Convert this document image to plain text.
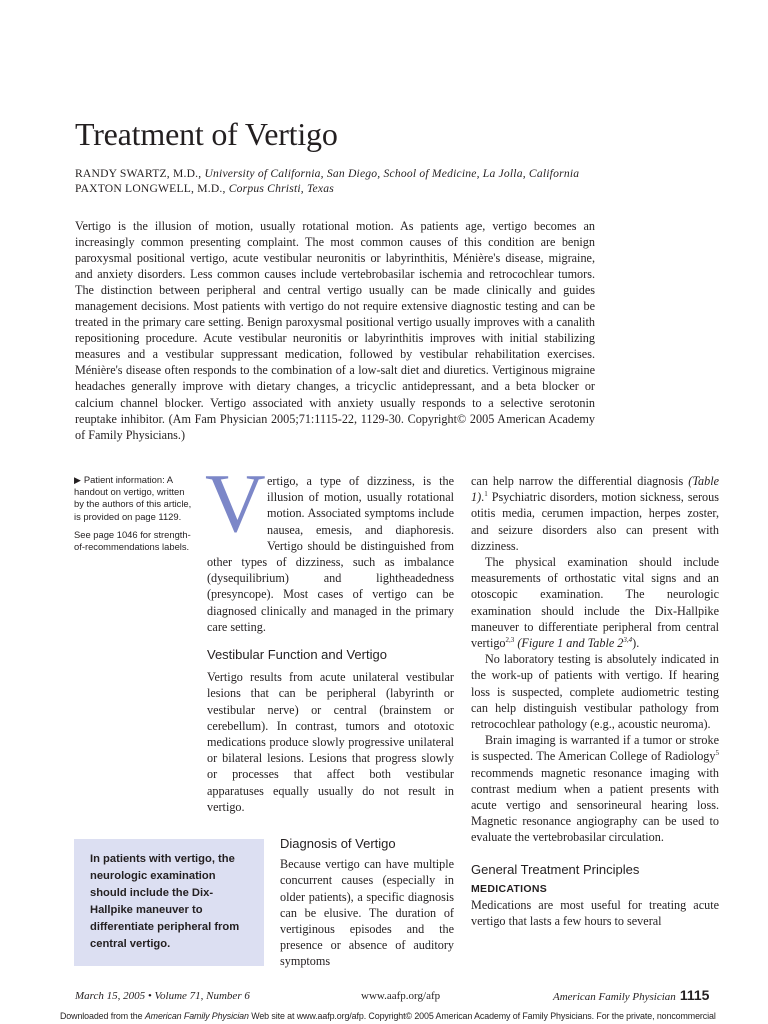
Treatment of Vertigo
RANDY SWARTZ, M.D., University of California, San Diego, School of Medicine, La Jolla, California
PAXTON LONGWELL, M.D., Corpus Christi, Texas
Vertigo is the illusion of motion, usually rotational motion. As patients age, vertigo becomes an increasingly common presenting complaint. The most common causes of this condition are benign paroxysmal positional vertigo, acute vestibular neuronitis or labyrinthitis, Ménière's disease, migraine, and anxiety disorders. Less common causes include vertebrobasilar ischemia and retrocochlear tumors. The distinction between peripheral and central vertigo usually can be made clinically and guides management decisions. Most patients with vertigo do not require extensive diagnostic testing and can be treated in the primary care setting. Benign paroxysmal positional vertigo usually improves with a canalith repositioning procedure. Acute vestibular neuronitis or labyrinthitis improves with initial stabilizing measures and a vestibular suppressant medication, followed by vestibular rehabilitation exercises. Ménière's disease often responds to the combination of a low-salt diet and diuretics. Vertiginous migraine headaches generally improve with dietary changes, a tricyclic antidepressant, and a beta blocker or calcium channel blocker. Vertigo associated with anxiety usually responds to a selective serotonin reuptake inhibitor. (Am Fam Physician 2005;71:1115-22, 1129-30. Copyright© 2005 American Academy of Family Physicians.)

▶ Patient information: A handout on vertigo, written by the authors of this article, is provided on page 1129.

See page 1046 for strength-of-recommendations labels.

ertigo, a type of dizziness, is the illusion of motion, usually rotational motion. Associated symptoms include nausea, emesis, and diaphoresis. Vertigo should be distinguished from other types of dizziness, such as imbalance (dysequilibrium) and lightheadedness (presyncope). Most cases of vertigo can be diagnosed clinically and managed in the primary care setting.

Vestibular Function and Vertigo

Vertigo results from acute unilateral vestibular lesions that can be peripheral (labyrinth or vestibular nerve) or central (brainstem or cerebellum). In contrast, tumors and ototoxic medications produce slowly progressive unilateral or bilateral lesions. Lesions that progress slowly or processes that affect both vestibular apparatuses equally usually do not result in vertigo.

V
In patients with vertigo, the neurologic examination should include the Dix-Hallpike maneuver to differentiate peripheral from central vertigo.
Diagnosis of Vertigo

Because vertigo can have multiple concurrent causes (especially in older patients), a specific diagnosis can be elusive. The duration of vertiginous episodes and the presence or absence of auditory symptoms

can help narrow the differential diagnosis (Table 1).$^1$ Psychiatric disorders, motion sickness, serous otitis media, cerumen impaction, herpes zoster, and seizure disorders also can present with dizziness.

The physical examination should include measurements of orthostatic vital signs and an otoscopic examination. The neurologic examination should include the Dix-Hallpike maneuver to differentiate peripheral from central vertigo$^{2,3}$ (Figure 1 and Table 2$^{3,4}$).

No laboratory testing is absolutely indicated in the work-up of patients with vertigo. If hearing loss is suspected, complete audiometric testing can help distinguish vestibular pathology from retrocochlear pathology (e.g., acoustic neuroma).

Brain imaging is warranted if a tumor or stroke is suspected. The American College of Radiology$^5$ recommends magnetic resonance imaging with contrast medium when a patient presents with acute vertigo and sensorineural hearing loss. Magnetic resonance angiography can be used to evaluate the vertebrobasilar circulation.

General Treatment Principles
MEDICATIONS

Medications are most useful for treating acute vertigo that lasts a few hours to several

March 15, 2005 • Volume 71, Number 6	www.aafp.org/afp	American Family Physician 1115
Downloaded from the American Family Physician Web site at www.aafp.org/afp. Copyright© 2005 American Academy of Family Physicians. For the private, noncommercial
